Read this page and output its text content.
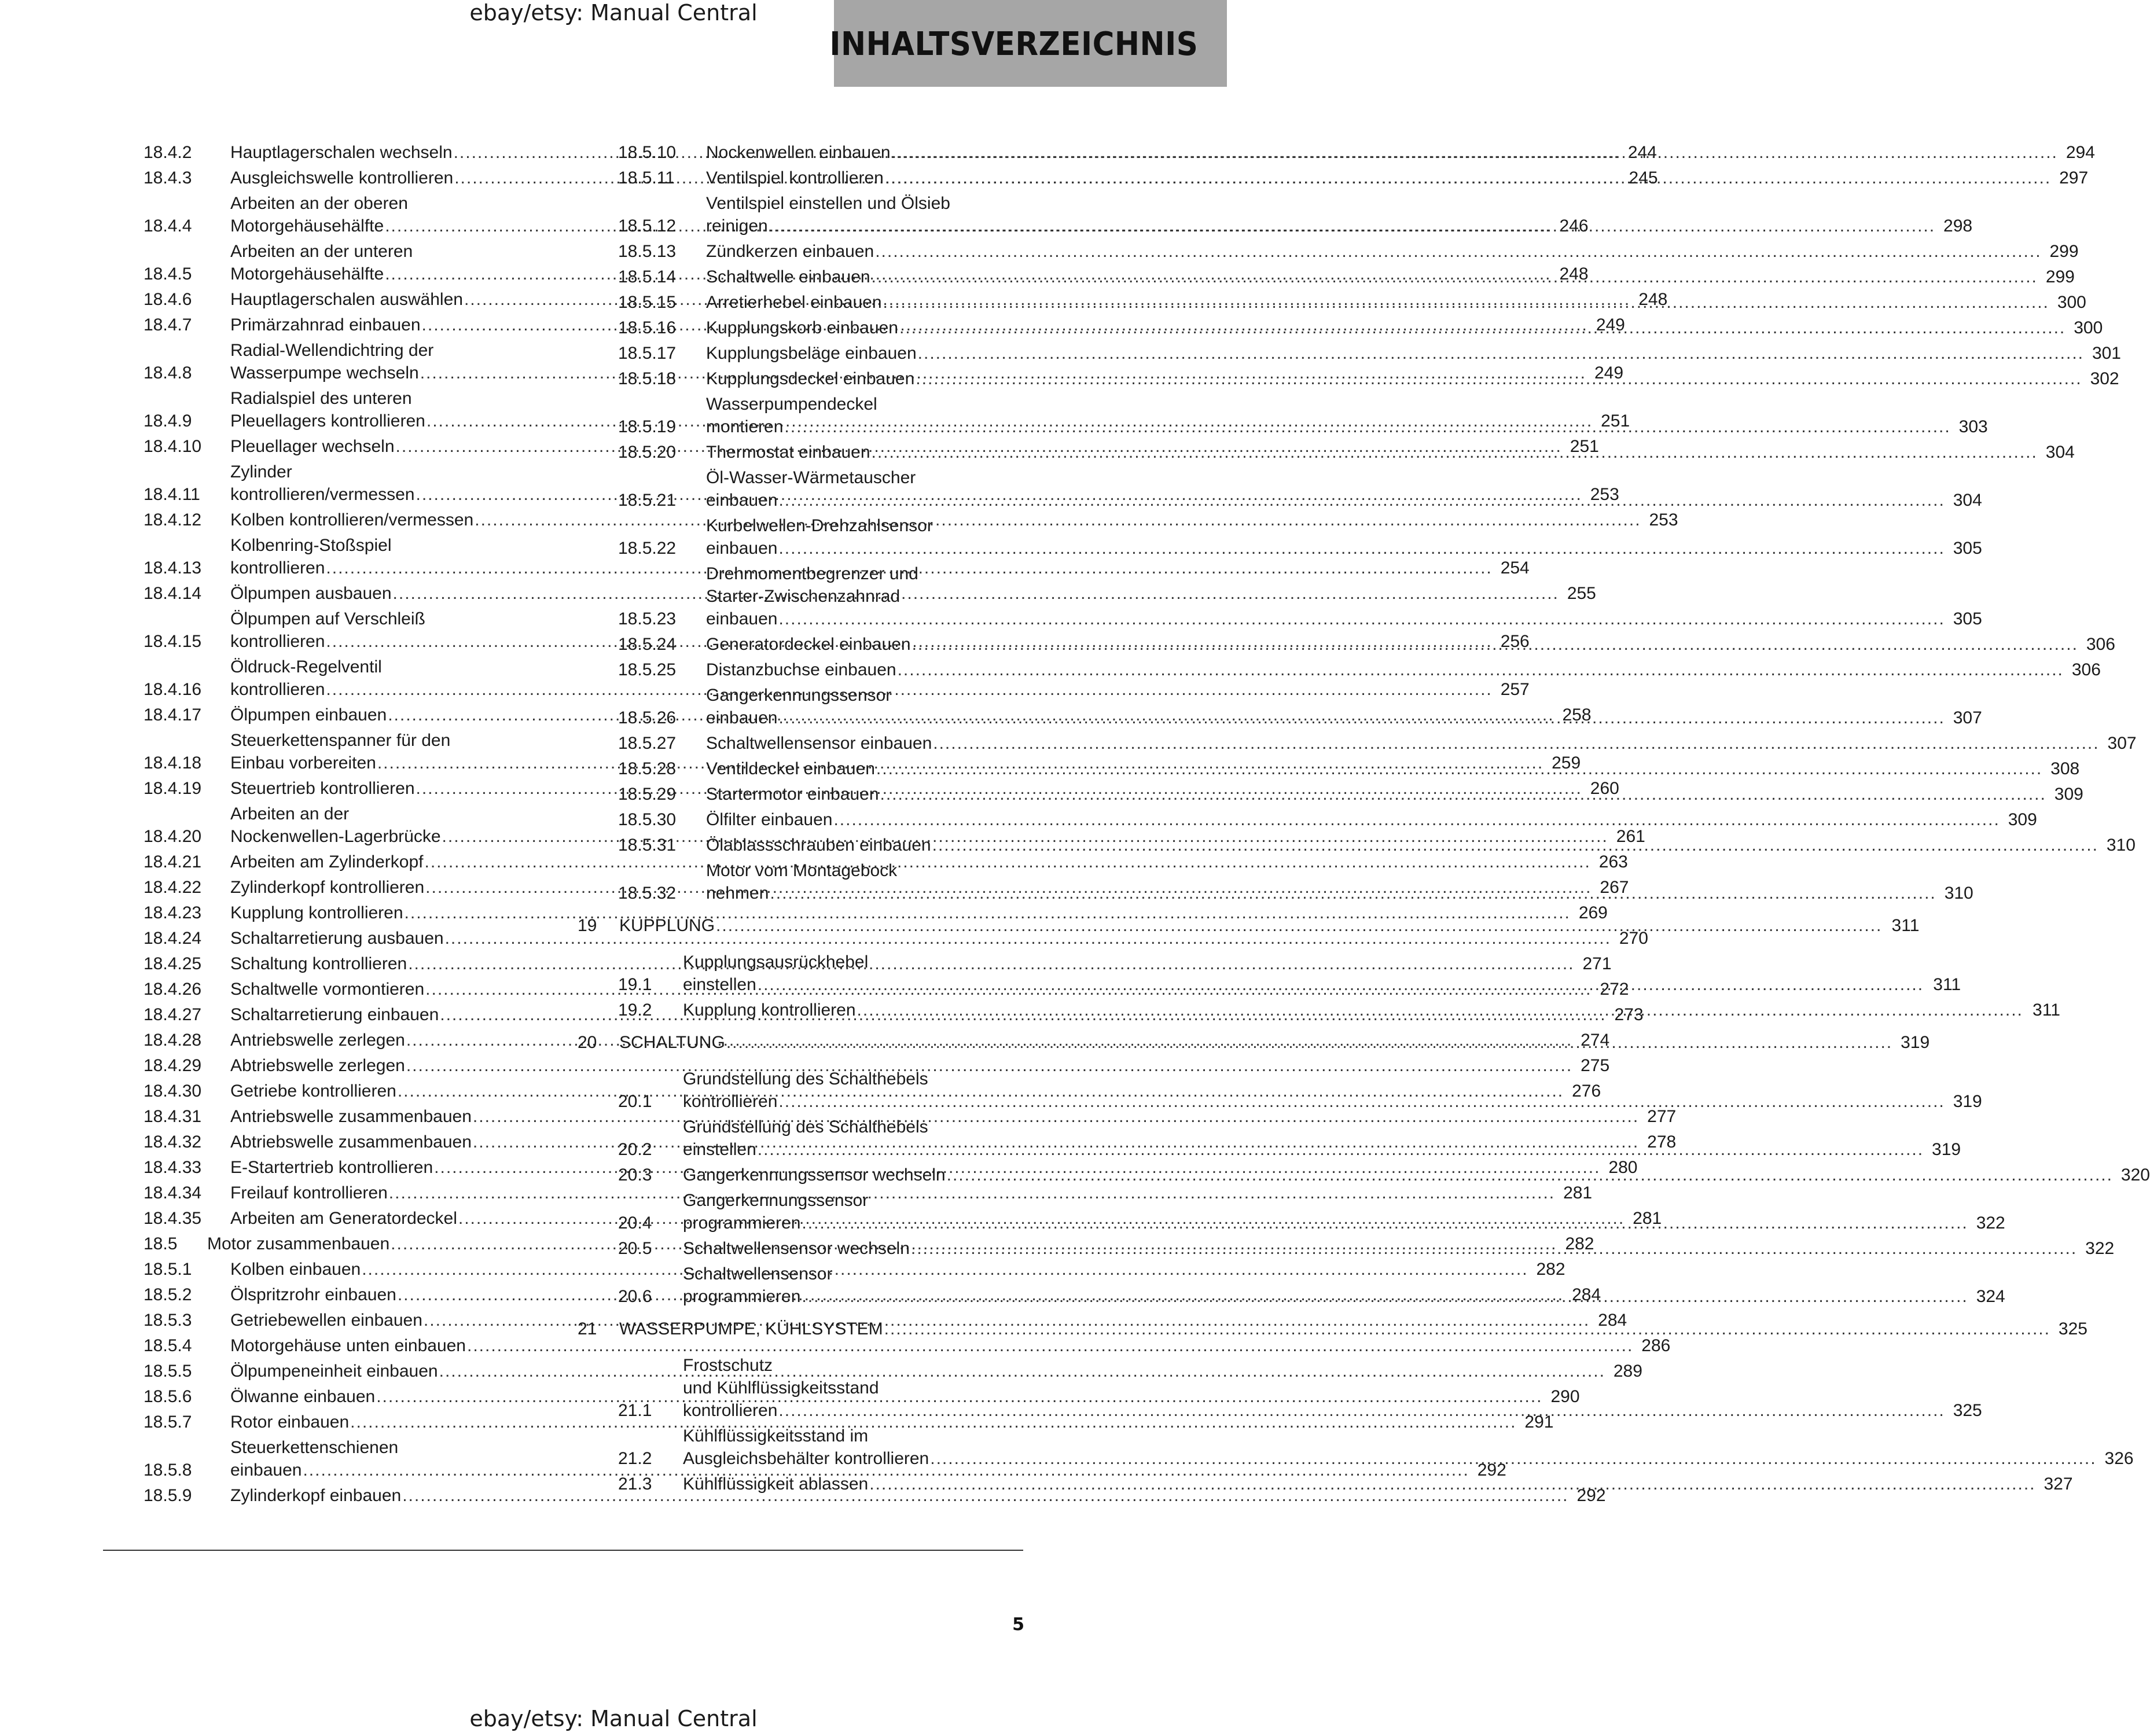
ebay/etsy: Manual Central
INHALTSVERZEICHNIS
18.4.2	Hauptlagerschalen wechseln .....	244
18.4.3	Ausgleichswelle kontrollieren .....	245
18.4.4
Arbeiten an der oberen
Motorgehäusehälfte .....	246
18.4.5
Arbeiten an der unteren
Motorgehäusehälfte .....	248
18.4.6	Hauptlagerschalen auswählen .....	248
18.4.7	Primärzahnrad einbauen .....	249
18.4.8
Radial-Wellendichtring der
Wasserpumpe wechseln .....	249
18.4.9
Radialspiel des unteren
Pleuellagers kontrollieren .....	251
18.4.10	Pleuellager wechseln .....	251
18.4.11
Zylinder
kontrollieren/vermessen .....	253
18.4.12	Kolben kontrollieren/vermessen .....	253
18.4.13
Kolbenring-Stoßspiel
kontrollieren .....	254
18.4.14	Ölpumpen ausbauen .....	255
18.4.15
Ölpumpen auf Verschleiß
kontrollieren .....	256
18.4.16
Öldruck-Regelventil
kontrollieren .....	257
18.4.17	Ölpumpen einbauen .....	258
18.4.18
Steuerkettenspanner für den
Einbau vorbereiten .....	259
18.4.19	Steuertrieb kontrollieren .....	260
18.4.20
Arbeiten an der
Nockenwellen-Lagerbrücke .....	261
18.4.21	Arbeiten am Zylinderkopf .....	263
18.4.22	Zylinderkopf kontrollieren .....	267
18.4.23	Kupplung kontrollieren .....	269
18.4.24	Schaltarretierung ausbauen .....	270
18.4.25	Schaltung kontrollieren .....	271
18.4.26	Schaltwelle vormontieren .....	272
18.4.27	Schaltarretierung einbauen .....	273
18.4.28	Antriebswelle zerlegen .....	274
18.4.29	Abtriebswelle zerlegen .....	275
18.4.30	Getriebe kontrollieren .....	276
18.4.31	Antriebswelle zusammenbauen .....	277
18.4.32	Abtriebswelle zusammenbauen .....	278
18.4.33	E-Startertrieb kontrollieren .....	280
18.4.34	Freilauf kontrollieren .....	281
18.4.35	Arbeiten am Generatordeckel .....	281
18.5	Motor zusammenbauen .....	282
18.5.1	Kolben einbauen .....	282
18.5.2	Ölspritzrohr einbauen .....	284
18.5.3	Getriebewellen einbauen .....	284
18.5.4	Motorgehäuse unten einbauen .....	286
18.5.5	Ölpumpeneinheit einbauen .....	289
18.5.6	Ölwanne einbauen .....	290
18.5.7	Rotor einbauen .....	291
18.5.8
Steuerkettenschienen
einbauen .....	292
18.5.9	Zylinderkopf einbauen .....	292
18.5.10	Nockenwellen einbauen .....	294
18.5.11	Ventilspiel kontrollieren .....	297
18.5.12
Ventilspiel einstellen und Ölsieb
reinigen .....	298
18.5.13	Zündkerzen einbauen .....	299
18.5.14	Schaltwelle einbauen .....	299
18.5.15	Arretierhebel einbauen .....	300
18.5.16	Kupplungskorb einbauen .....	300
18.5.17	Kupplungsbeläge einbauen .....	301
18.5.18	Kupplungsdeckel einbauen .....	302
18.5.19
Wasserpumpendeckel
montieren .....	303
18.5.20	Thermostat einbauen .....	304
18.5.21
Öl-Wasser-Wärmetauscher
einbauen .....	304
18.5.22
Kurbelwellen-Drehzahlsensor
einbauen .....	305
18.5.23
Drehmomentbegrenzer und
Starter-Zwischenzahnrad
einbauen .....	305
18.5.24	Generatordeckel einbauen .....	306
18.5.25	Distanzbuchse einbauen .....	306
18.5.26
Gangerkennungssensor
einbauen .....	307
18.5.27	Schaltwellensensor einbauen .....	307
18.5.28	Ventildeckel einbauen .....	308
18.5.29	Startermotor einbauen .....	309
18.5.30	Ölfilter einbauen .....	309
18.5.31	Ölablassschrauben einbauen .....	310
18.5.32
Motor vom Montagebock
nehmen .....	310
19	KUPPLUNG .....	311
19.1
Kupplungsausrückhebel
einstellen .....	311
19.2	Kupplung kontrollieren .....	311
20	SCHALTUNG .....	319
20.1
Grundstellung des Schalthebels
kontrollieren .....	319
20.2
Grundstellung des Schalthebels
einstellen .....	319
20.3	Gangerkennungssensor wechseln .....	320
20.4
Gangerkennungssensor
programmieren .....	322
20.5	Schaltwellensensor wechseln .....	322
20.6
Schaltwellensensor
programmieren .....	324
21	WASSERPUMPE, KÜHLSYSTEM .....	325
21.1
Frostschutz
und Kühlflüssigkeitsstand
kontrollieren .....	325
21.2
Kühlflüssigkeitsstand im
Ausgleichsbehälter kontrollieren .....	326
21.3	Kühlflüssigkeit ablassen .....	327
5
ebay/etsy: Manual Central
